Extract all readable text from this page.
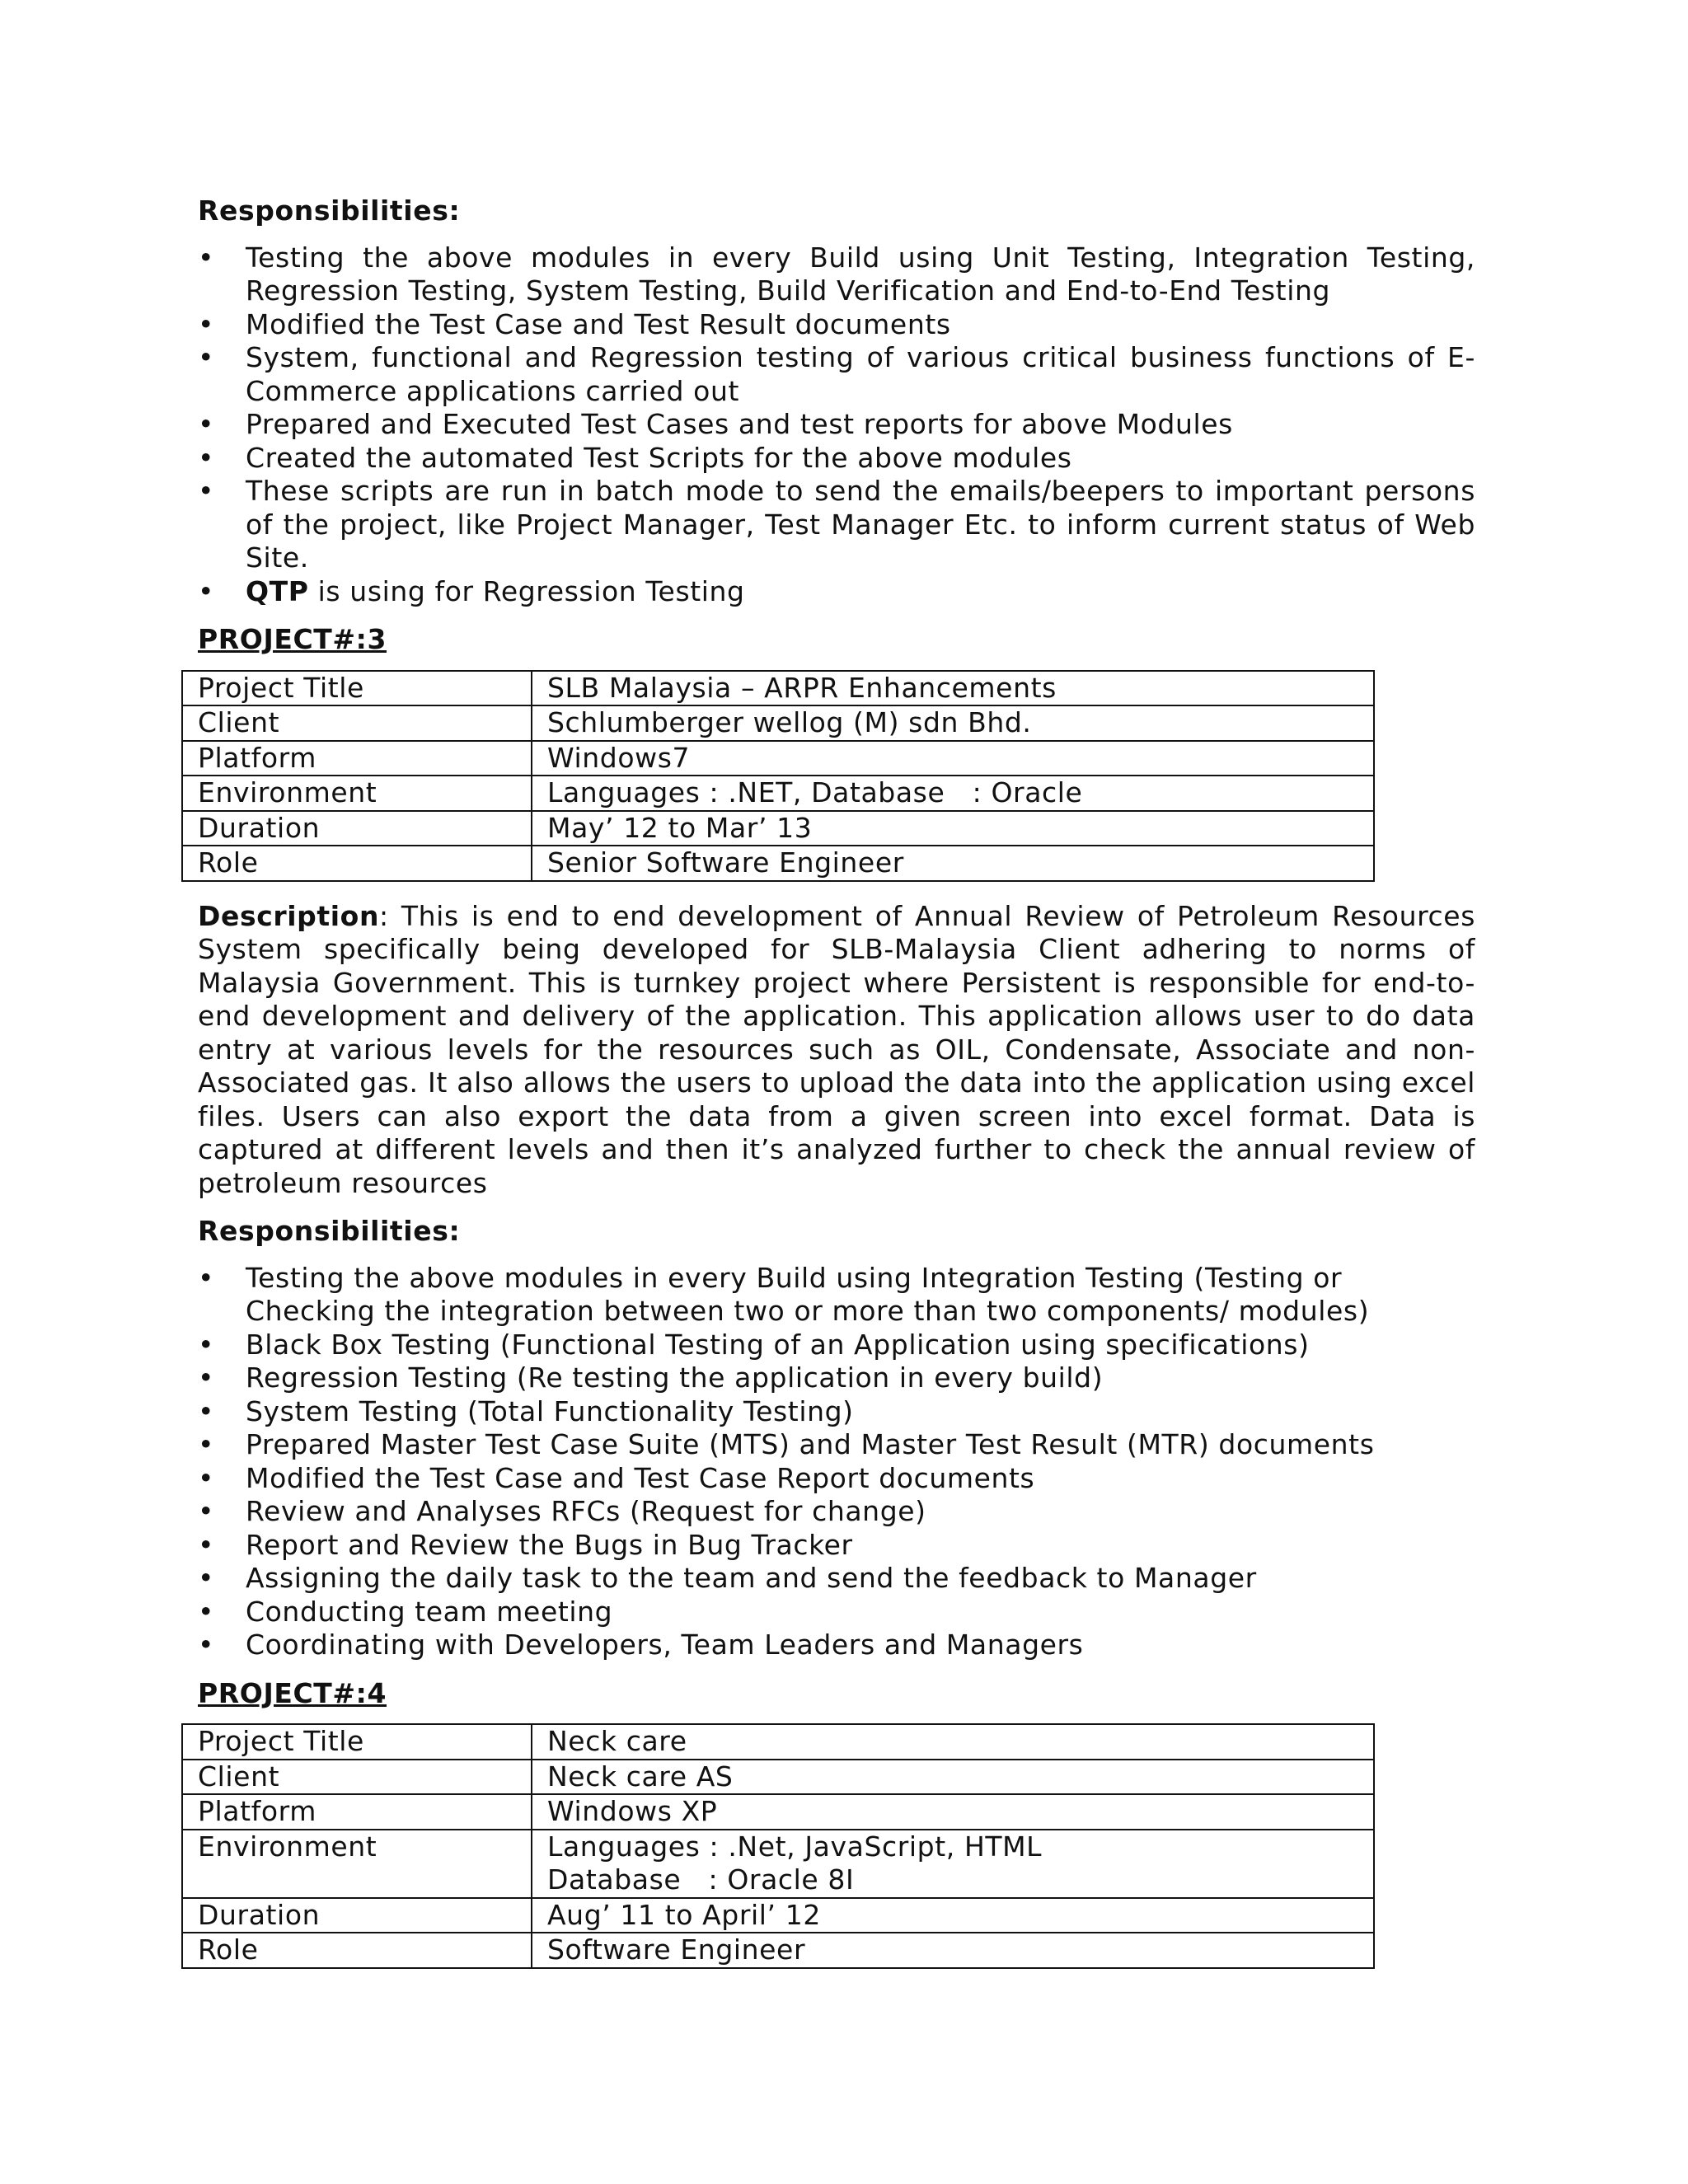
Responsibilities:
• Testing the above modules in every Build using Unit Testing, Integration Testing, Regression Testing, System Testing, Build Verification and End-to-End Testing
• Modified the Test Case and Test Result documents
• System, functional and Regression testing of various critical business functions of E-Commerce applications carried out
• Prepared and Executed Test Cases and test reports for above Modules
• Created the automated Test Scripts for the above modules
• These scripts are run in batch mode to send the emails/beepers to important persons of the project, like Project Manager, Test Manager Etc. to inform current status of Web Site.
• QTP is using for Regression Testing
PROJECT#:3
Project Title	SLB Malaysia – ARPR Enhancements
Client	Schlumberger wellog (M) sdn Bhd.
Platform	Windows7
Environment	Languages : .NET, Database   : Oracle
Duration	May’ 12 to Mar’ 13
Role	Senior Software Engineer

Description: This is end to end development of Annual Review of Petroleum Resources System specifically being developed for SLB-Malaysia Client adhering to norms of Malaysia Government. This is turnkey project where Persistent is responsible for end-to-end development and delivery of the application. This application allows user to do data entry at various levels for the resources such as OIL, Condensate, Associate and non-Associated gas. It also allows the users to upload the data into the application using excel files. Users can also export the data from a given screen into excel format. Data is captured at different levels and then it’s analyzed further to check the annual review of petroleum resources

Responsibilities:
• Testing the above modules in every Build using Integration Testing (Testing or Checking the integration between two or more than two components/ modules)
• Black Box Testing (Functional Testing of an Application using specifications)
• Regression Testing (Re testing the application in every build)
• System Testing (Total Functionality Testing)
• Prepared Master Test Case Suite (MTS) and Master Test Result (MTR) documents
• Modified the Test Case and Test Case Report documents
• Review and Analyses RFCs (Request for change)
• Report and Review the Bugs in Bug Tracker
• Assigning the daily task to the team and send the feedback to Manager
• Conducting team meeting
• Coordinating with Developers, Team Leaders and Managers
PROJECT#:4
Project Title	Neck care
Client	Neck care AS
Platform	Windows XP
Environment	Languages : .Net, JavaScript, HTML
Database   : Oracle 8I

Duration	Aug’ 11 to April’ 12
Role	Software Engineer
